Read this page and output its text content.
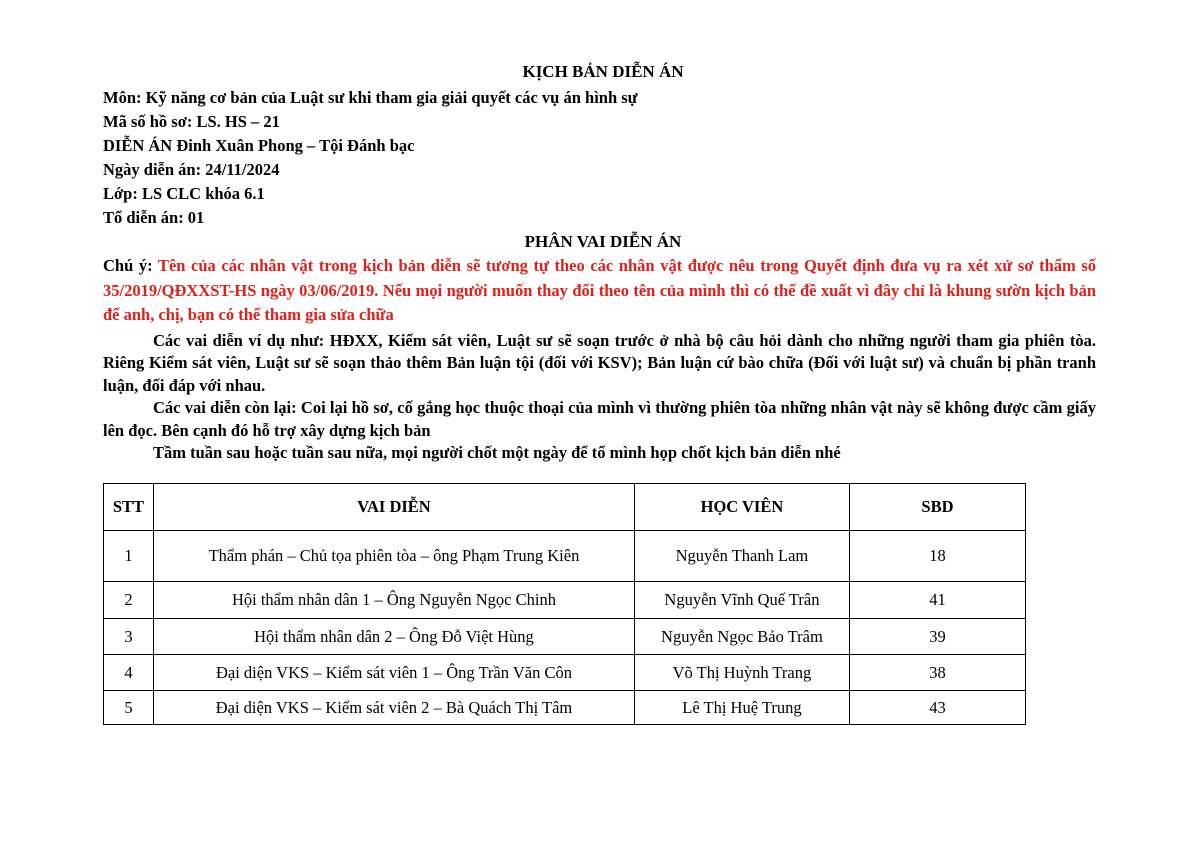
KỊCH BẢN DIỄN ÁN

Môn: Kỹ năng cơ bản của Luật sư khi tham gia giải quyết các vụ án hình sự

Mã số hồ sơ: LS. HS – 21

DIỄN ÁN Đinh Xuân Phong – Tội Đánh bạc

Ngày diễn án: 24/11/2024

Lớp: LS CLC khóa 6.1

Tổ diễn án: 01

PHÂN VAI DIỄN ÁN

Chú ý: Tên của các nhân vật trong kịch bản diễn sẽ tương tự theo các nhân vật được nêu trong Quyết định đưa vụ ra xét xử sơ thẩm số 35/2019/QĐXXST-HS ngày 03/06/2019. Nếu mọi người muốn thay đổi theo tên của mình thì có thể đề xuất vì đây chỉ là khung sườn kịch bản để anh, chị, bạn có thể tham gia sửa chữa

Các vai diễn ví dụ như: HĐXX, Kiểm sát viên, Luật sư sẽ soạn trước ở nhà bộ câu hỏi dành cho những người tham gia phiên tòa. Riêng Kiểm sát viên, Luật sư sẽ soạn thảo thêm Bản luận tội (đối với KSV); Bản luận cứ bào chữa (Đối với luật sư) và chuẩn bị phần tranh luận, đối đáp với nhau.

Các vai diễn còn lại: Coi lại hồ sơ, cố gắng học thuộc thoại của mình vì thường phiên tòa những nhân vật này sẽ không được cầm giấy lên đọc. Bên cạnh đó hỗ trợ xây dựng kịch bản

Tầm tuần sau hoặc tuần sau nữa, mọi người chốt một ngày để tổ mình họp chốt kịch bản diễn nhé

STT	VAI DIỄN	HỌC VIÊN	SBD
1	Thẩm phán – Chủ tọa phiên tòa – ông Phạm Trung Kiên	Nguyễn Thanh Lam	18
2	Hội thẩm nhân dân 1 – Ông Nguyễn Ngọc Chinh	Nguyễn Vĩnh Quế Trân	41
3	Hội thẩm nhân dân 2 – Ông Đỗ Việt Hùng	Nguyễn Ngọc Bảo Trâm	39
4	Đại diện VKS – Kiểm sát viên 1 – Ông Trần Văn Côn	Võ Thị Huỳnh Trang	38
5	Đại diện VKS – Kiểm sát viên 2 – Bà Quách Thị Tâm	Lê Thị Huệ Trung	43
